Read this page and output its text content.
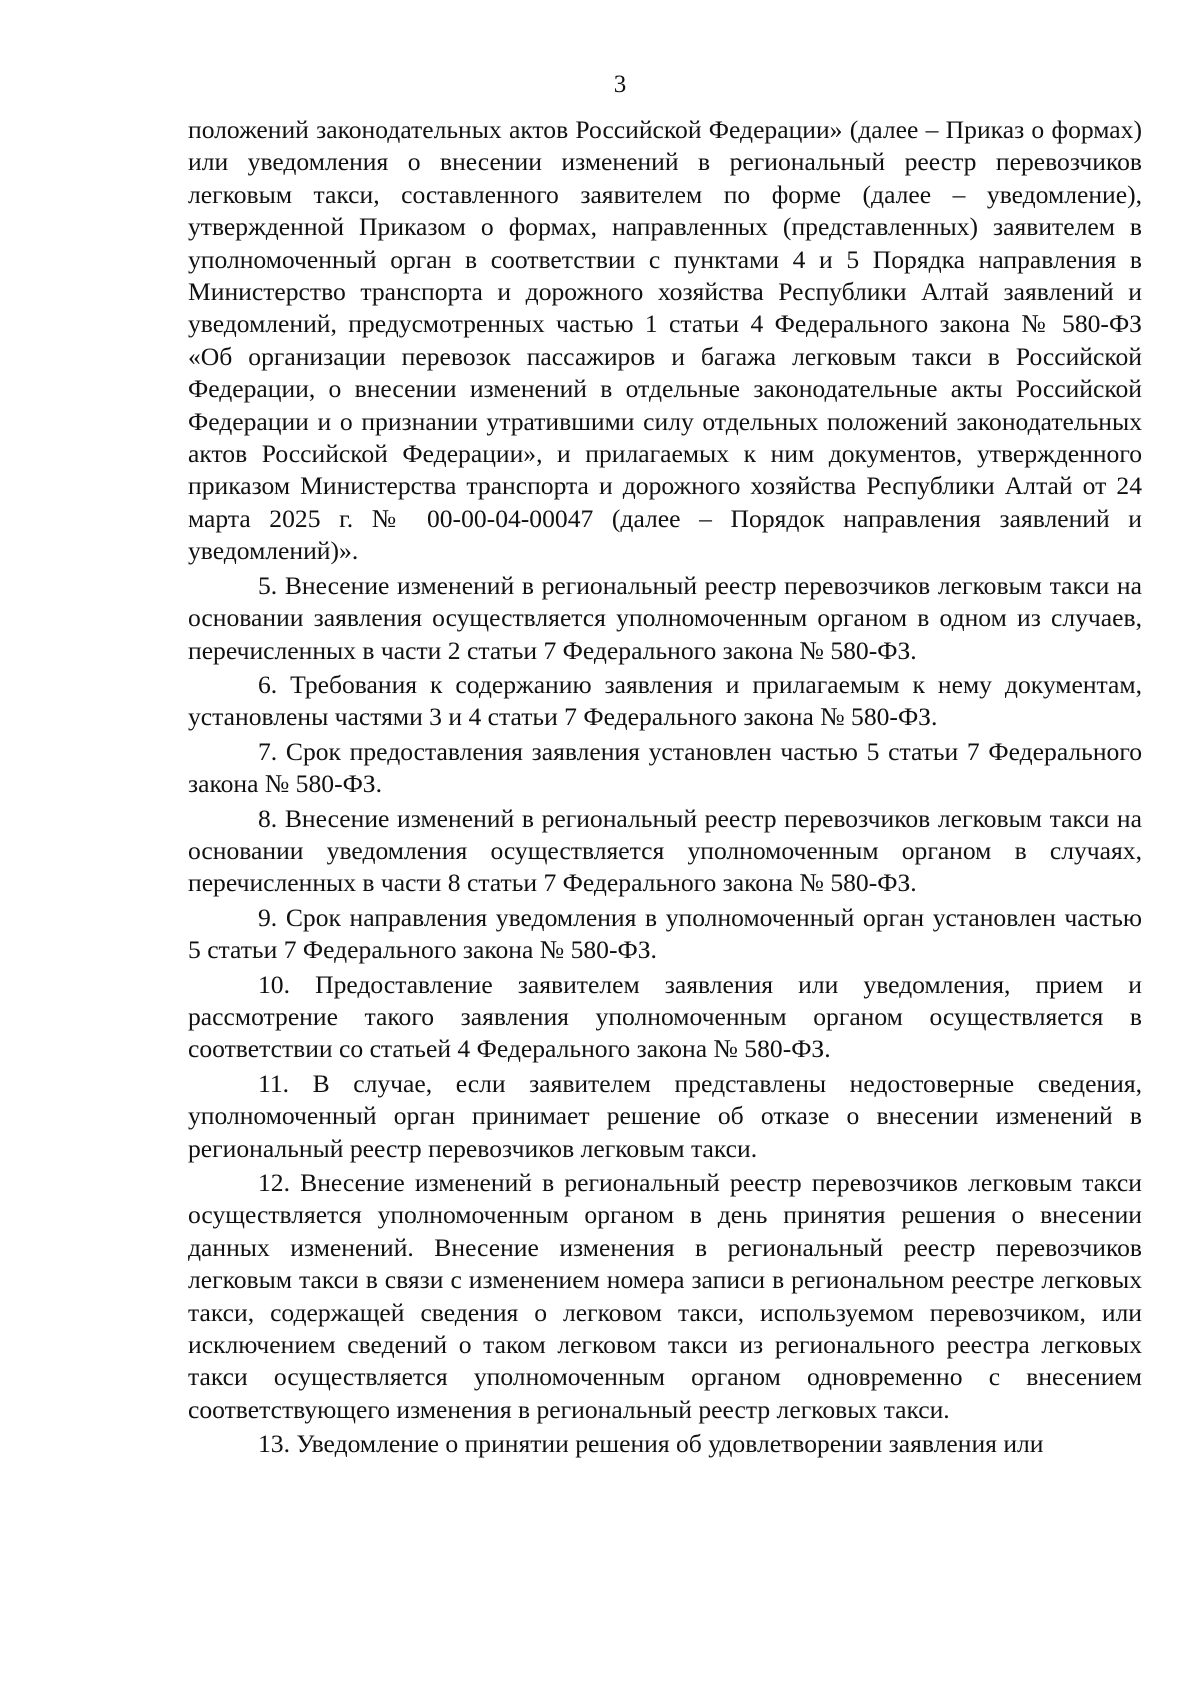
3

положений законодательных актов Российской Федерации» (далее – Приказ о формах) или уведомления о внесении изменений в региональный реестр перевозчиков легковым такси, составленного заявителем по форме (далее – уведомление), утвержденной Приказом о формах, направленных (представленных) заявителем в уполномоченный орган в соответствии с пунктами 4 и 5 Порядка направления в Министерство транспорта и дорожного хозяйства Республики Алтай заявлений и уведомлений, предусмотренных частью 1 статьи 4 Федерального закона № 580-ФЗ «Об организации перевозок пассажиров и багажа легковым такси в Российской Федерации, о внесении изменений в отдельные законодательные акты Российской Федерации и о признании утратившими силу отдельных положений законодательных актов Российской Федерации», и прилагаемых к ним документов, утвержденного приказом Министерства транспорта и дорожного хозяйства Республики Алтай от 24 марта 2025 г. № 00-00-04-00047 (далее – Порядок направления заявлений и уведомлений)».

5. Внесение изменений в региональный реестр перевозчиков легковым такси на основании заявления осуществляется уполномоченным органом в одном из случаев, перечисленных в части 2 статьи 7 Федерального закона № 580-ФЗ.

6. Требования к содержанию заявления и прилагаемым к нему документам, установлены частями 3 и 4 статьи 7 Федерального закона № 580-ФЗ.

7. Срок предоставления заявления установлен частью 5 статьи 7 Федерального закона № 580-ФЗ.

8. Внесение изменений в региональный реестр перевозчиков легковым такси на основании уведомления осуществляется уполномоченным органом в случаях, перечисленных в части 8 статьи 7 Федерального закона № 580-ФЗ.

9. Срок направления уведомления в уполномоченный орган установлен частью 5 статьи 7 Федерального закона № 580-ФЗ.

10. Предоставление заявителем заявления или уведомления, прием и рассмотрение такого заявления уполномоченным органом осуществляется в соответствии со статьей 4 Федерального закона № 580-ФЗ.

11. В случае, если заявителем представлены недостоверные сведения, уполномоченный орган принимает решение об отказе о внесении изменений в региональный реестр перевозчиков легковым такси.

12. Внесение изменений в региональный реестр перевозчиков легковым такси осуществляется уполномоченным органом в день принятия решения о внесении данных изменений. Внесение изменения в региональный реестр перевозчиков легковым такси в связи с изменением номера записи в региональном реестре легковых такси, содержащей сведения о легковом такси, используемом перевозчиком, или исключением сведений о таком легковом такси из регионального реестра легковых такси осуществляется уполномоченным органом одновременно с внесением соответствующего изменения в региональный реестр легковых такси.

13. Уведомление о принятии решения об удовлетворении заявления или
